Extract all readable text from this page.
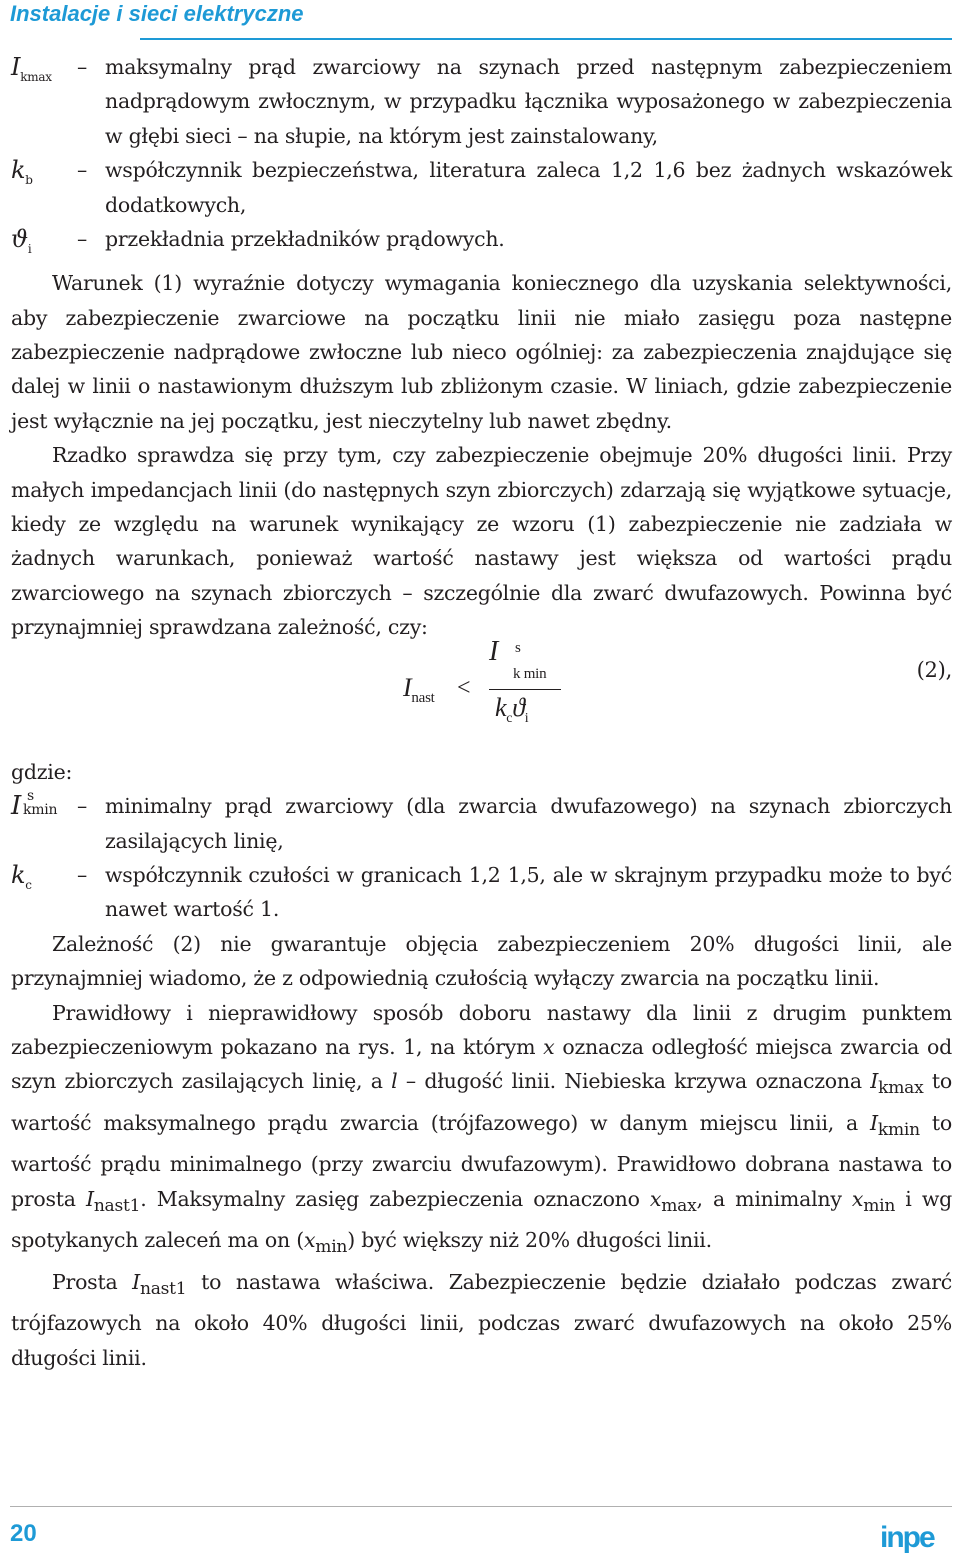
Instalacje i sieci elektryczne
$I_{kmax}$	– maksymalny prąd zwarciowy na szynach przed następnym zabezpieczeniem nadprądowym zwłocznym, w przypadku łącznika wyposażonego w zabezpieczenia w głębi sieci – na słupie, na którym jest zainstalowany,
$k_b$	– współczynnik bezpieczeństwa, literatura zaleca 1,2 1,6 bez żadnych wskazówek dodatkowych,
$ϑ_i$	– przekładnia przekładników prądowych.

Warunek (1) wyraźnie dotyczy wymagania koniecznego dla uzyskania selektywności, aby zabezpieczenie zwarciowe na początku linii nie miało zasięgu poza następne zabezpieczenie nadprądowe zwłoczne lub nieco ogólniej: za zabezpieczenia znajdujące się dalej w linii o nastawionym dłuższym lub zbliżonym czasie. W liniach, gdzie zabezpieczenie jest wyłącznie na jej początku, jest nieczytelny lub nawet zbędny.

Rzadko sprawdza się przy tym, czy zabezpieczenie obejmuje 20% długości linii. Przy małych impedancjach linii (do następnych szyn zbiorczych) zdarzają się wyjątkowe sytuacje, kiedy ze względu na warunek wynikający ze wzoru (1) zabezpieczenie nie zadziała w żadnych warunkach, ponieważ wartość nastawy jest większa od wartości prądu zwarciowego na szynach zbiorczych – szczególnie dla zwarć dwufazowych. Powinna być przynajmniej sprawdzana zależność, czy:

$I_{nast}$ <
I s
k min
$k_cϑ_i$
(2),

gdzie:

I s
kmin – minimalny prąd zwarciowy (dla zwarcia dwufazowego) na szynach zbiorczych zasilających linię,
$k_c$	– współczynnik czułości w granicach 1,2 1,5, ale w skrajnym przypadku może to być nawet wartość 1.

Zależność (2) nie gwarantuje objęcia zabezpieczeniem 20% długości linii, ale przynajmniej wiadomo, że z odpowiednią czułością wyłączy zwarcia na początku linii.

Prawidłowy i nieprawidłowy sposób doboru nastawy dla linii z drugim punktem zabezpieczeniowym pokazano na rys. 1, na którym x oznacza odległość miejsca zwarcia od szyn zbiorczych zasilających linię, a l – długość linii. Niebieska krzywa oznaczona $I_{kmax}$ to wartość maksymalnego prądu zwarcia (trójfazowego) w danym miejscu linii, a $I_{kmin}$ to wartość prądu minimalnego (przy zwarciu dwufazowym). Prawidłowo dobrana nastawa to prosta $I_{nast1}$. Maksymalny zasięg zabezpieczenia oznaczono $x_{max}$, a minimalny $x_{min}$ i wg spotykanych zaleceń ma on $(x_{min})$ być większy niż 20% długości linii.

Prosta $I_{nast1}$ to nastawa właściwa. Zabezpieczenie będzie działało podczas zwarć trójfazowych na około 40% długości linii, podczas zwarć dwufazowych na około 25% długości linii.

20	inpe
